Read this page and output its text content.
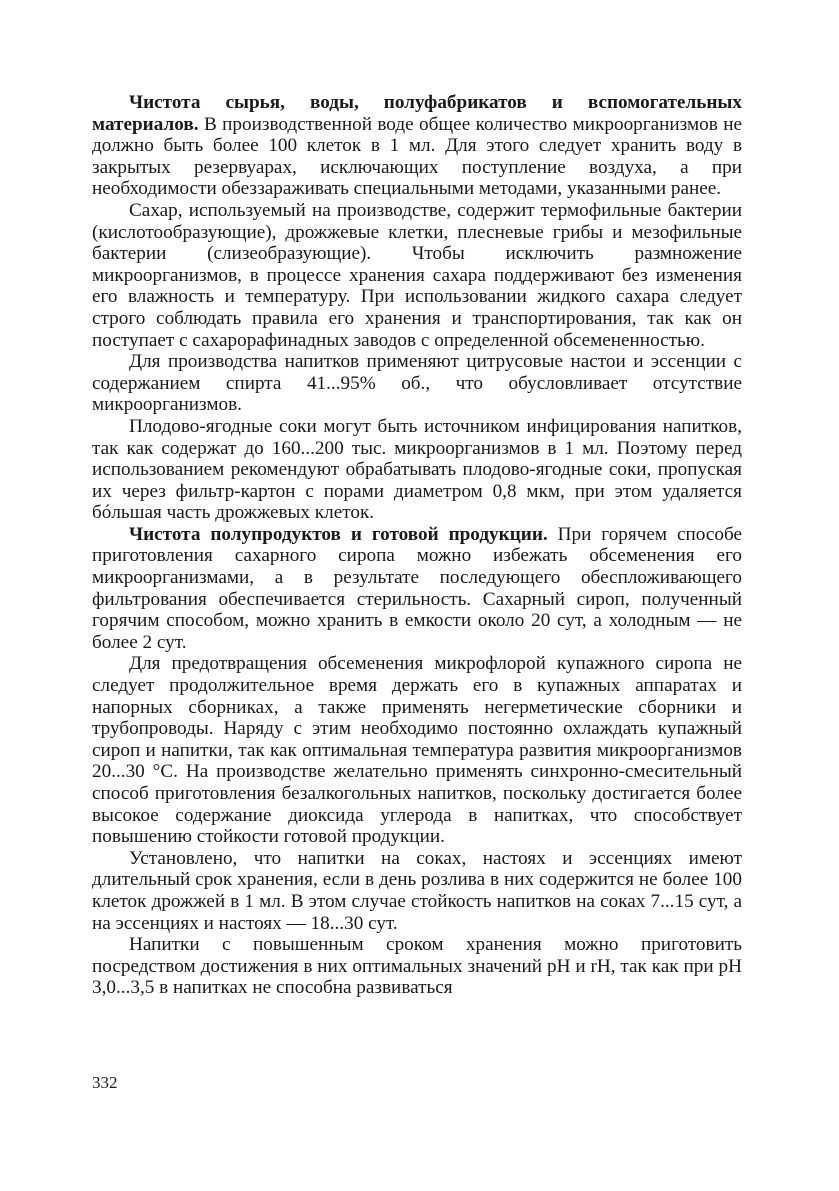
Чистота сырья, воды, полуфабрикатов и вспомогательных материалов. В производственной воде общее количество микроорганизмов не должно быть более 100 клеток в 1 мл. Для этого следует хранить воду в закрытых резервуарах, исключающих поступление воздуха, а при необходимости обеззараживать специальными методами, указанными ранее.

Сахар, используемый на производстве, содержит термофильные бактерии (кислотообразующие), дрожжевые клетки, плесневые грибы и мезофильные бактерии (слизеобразующие). Чтобы исключить размножение микроорганизмов, в процессе хранения сахара поддерживают без изменения его влажность и температуру. При использовании жидкого сахара следует строго соблюдать правила его хранения и транспортирования, так как он поступает с сахарорафинадных заводов с определенной обсемененностью.

Для производства напитков применяют цитрусовые настои и эссенции с содержанием спирта 41...95% об., что обусловливает отсутствие микроорганизмов.

Плодово-ягодные соки могут быть источником инфицирования напитков, так как содержат до 160...200 тыс. микроорганизмов в 1 мл. Поэтому перед использованием рекомендуют обрабатывать плодово-ягодные соки, пропуская их через фильтр-картон с порами диаметром 0,8 мкм, при этом удаляется бóльшая часть дрожжевых клеток.

Чистота полупродуктов и готовой продукции. При горячем способе приготовления сахарного сиропа можно избежать обсеменения его микроорганизмами, а в результате последующего обеспложивающего фильтрования обеспечивается стерильность. Сахарный сироп, полученный горячим способом, можно хранить в емкости около 20 сут, а холодным — не более 2 сут.

Для предотвращения обсеменения микрофлорой купажного сиропа не следует продолжительное время держать его в купажных аппаратах и напорных сборниках, а также применять негерметичеcкие сборники и трубопроводы. Наряду с этим необходимо постоянно охлаждать купажный сироп и напитки, так как оптимальная температура развития микроорганизмов 20...30 °С. На производстве желательно применять синхронно-смесительный способ приготовления безалкогольных напитков, поскольку достигается более высокое содержание диоксида углерода в напитках, что способствует повышению стойкости готовой продукции.

Установлено, что напитки на соках, настоях и эссенциях имеют длительный срок хранения, если в день розлива в них содержится не более 100 клеток дрожжей в 1 мл. В этом случае стойкость напитков на соках 7...15 сут, а на эссенциях и настоях — 18...30 сут.

Напитки с повышенным сроком хранения можно приготовить посредством достижения в них оптимальных значений рН и rН, так как при рН 3,0...3,5 в напитках не способна развиваться

332
